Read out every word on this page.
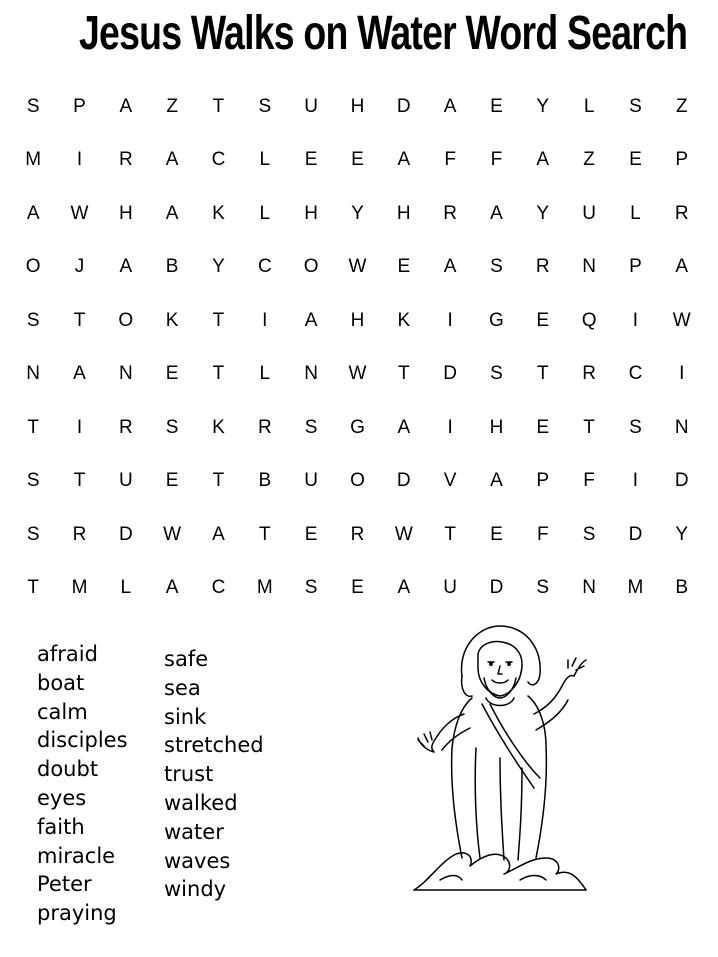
Jesus Walks on Water Word Search
S	P	A	Z	T	S	U	H	D	A	E	Y	L	S	Z
M	I	R	A	C	L	E	E	A	F	F	A	Z	E	P
A	W	H	A	K	L	H	Y	H	R	A	Y	U	L	R
O	J	A	B	Y	C	O	W	E	A	S	R	N	P	A
S	T	O	K	T	I	A	H	K	I	G	E	Q	I	W
N	A	N	E	T	L	N	W	T	D	S	T	R	C	I
T	I	R	S	K	R	S	G	A	I	H	E	T	S	N
S	T	U	E	T	B	U	O	D	V	A	P	F	I	D
S	R	D	W	A	T	E	R	W	T	E	F	S	D	Y
T	M	L	A	C	M	S	E	A	U	D	S	N	M	B
afraid
boat
calm
disciples
doubt
eyes
faith
miracle
Peter
praying
safe
sea
sink
stretched
trust
walked
water
waves
windy
